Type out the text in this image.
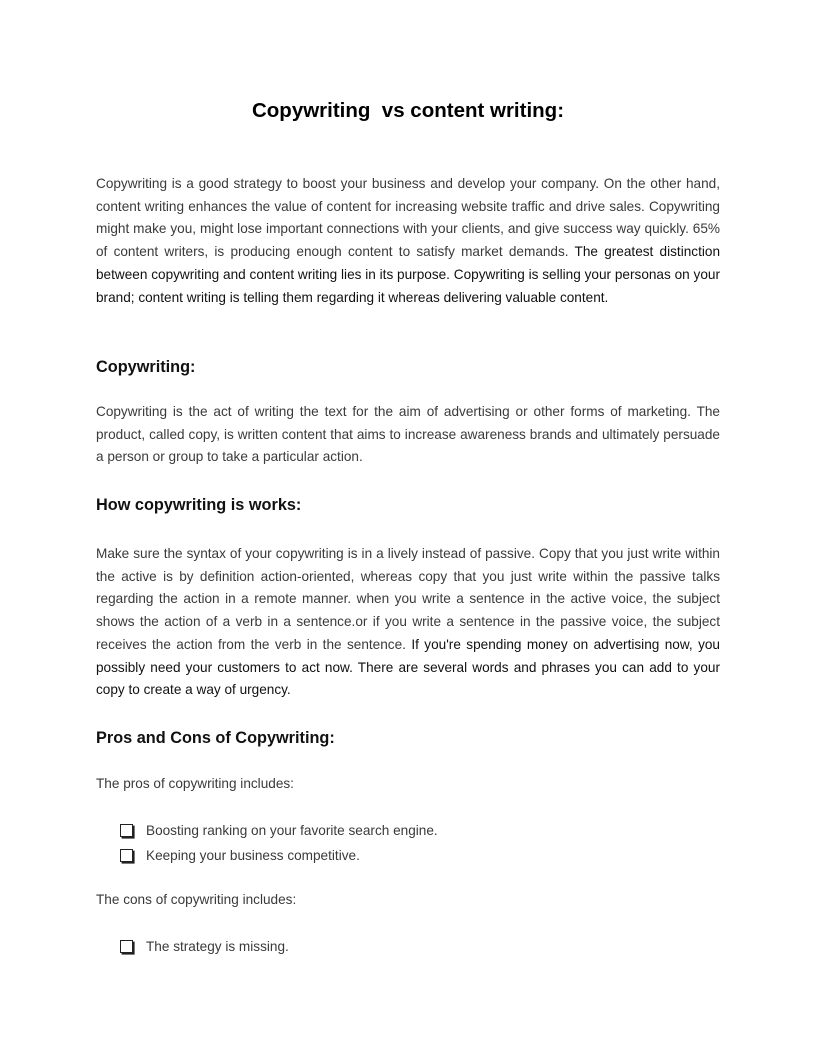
Copywriting  vs content writing:

Copywriting is a good strategy to boost your business and develop your company. On the other hand, content writing enhances the value of content for increasing website traffic and drive sales. Copywriting might make you, might lose important connections with your clients, and give success way quickly. 65% of content writers, is producing enough content to satisfy market demands. The greatest distinction between copywriting and content writing lies in its purpose. Copywriting is selling your personas on your brand; content writing is telling them regarding it whereas delivering valuable content.

Copywriting:

Copywriting is the act of writing the text for the aim of advertising or other forms of marketing. The product, called copy, is written content that aims to increase awareness brands and ultimately persuade a person or group to take a particular action.

How copywriting is works:

Make sure the syntax of your copywriting is in a lively instead of passive. Copy that you just write within the active is by definition action-oriented, whereas copy that you just write within the passive talks regarding the action in a remote manner. when you write a sentence in the active voice, the subject shows the action of a verb in a sentence.or if you write a sentence in the passive voice, the subject receives the action from the verb in the sentence. If you're spending money on advertising now, you possibly need your customers to act now. There are several words and phrases you can add to your copy to create a way of urgency.

Pros and Cons of Copywriting:

The pros of copywriting includes:

Boosting ranking on your favorite search engine.
Keeping your business competitive.

The cons of copywriting includes:

The strategy is missing.
